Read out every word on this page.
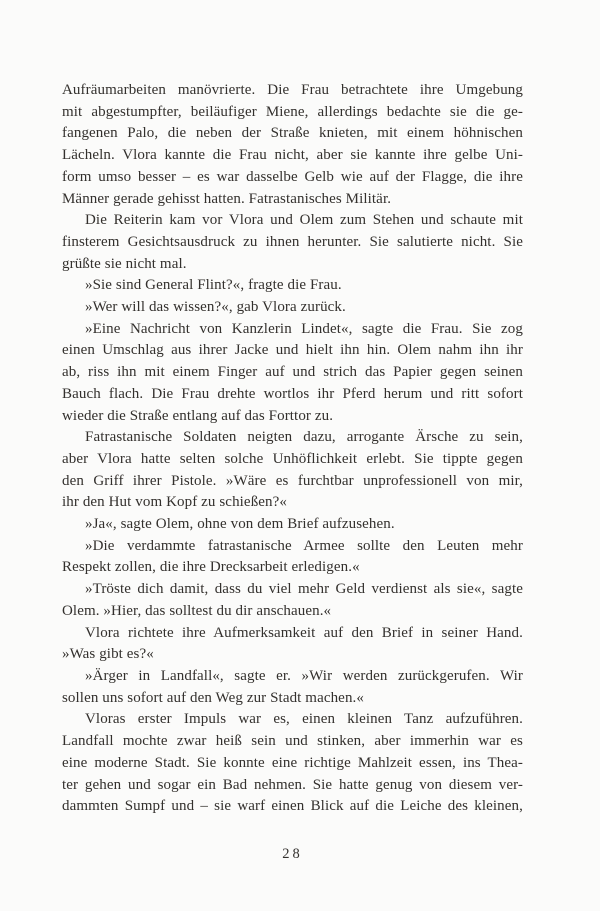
Aufräumarbeiten manövrierte. Die Frau betrachtete ihre Umgebung
mit abgestumpfter, beiläufiger Miene, allerdings bedachte sie die ge-
fangenen Palo, die neben der Straße knieten, mit einem höhnischen
Lächeln. Vlora kannte die Frau nicht, aber sie kannte ihre gelbe Uni-
form umso besser – es war dasselbe Gelb wie auf der Flagge, die ihre
Männer gerade gehisst hatten. Fatrastanisches Militär.
Die Reiterin kam vor Vlora und Olem zum Stehen und schaute mit
finsterem Gesichtsausdruck zu ihnen herunter. Sie salutierte nicht. Sie
grüßte sie nicht mal.
»Sie sind General Flint?«, fragte die Frau.
»Wer will das wissen?«, gab Vlora zurück.
»Eine Nachricht von Kanzlerin Lindet«, sagte die Frau. Sie zog
einen Umschlag aus ihrer Jacke und hielt ihn hin. Olem nahm ihn ihr
ab, riss ihn mit einem Finger auf und strich das Papier gegen seinen
Bauch flach. Die Frau drehte wortlos ihr Pferd herum und ritt sofort
wieder die Straße entlang auf das Forttor zu.
Fatrastanische Soldaten neigten dazu, arrogante Ärsche zu sein,
aber Vlora hatte selten solche Unhöflichkeit erlebt. Sie tippte gegen
den Griff ihrer Pistole. »Wäre es furchtbar unprofessionell von mir,
ihr den Hut vom Kopf zu schießen?«
»Ja«, sagte Olem, ohne von dem Brief aufzusehen.
»Die verdammte fatrastanische Armee sollte den Leuten mehr
Respekt zollen, die ihre Drecksarbeit erledigen.«
»Tröste dich damit, dass du viel mehr Geld verdienst als sie«, sagte
Olem. »Hier, das solltest du dir anschauen.«
Vlora richtete ihre Aufmerksamkeit auf den Brief in seiner Hand.
»Was gibt es?«
»Ärger in Landfall«, sagte er. »Wir werden zurückgerufen. Wir
sollen uns sofort auf den Weg zur Stadt machen.«
Vloras erster Impuls war es, einen kleinen Tanz aufzuführen.
Landfall mochte zwar heiß sein und stinken, aber immerhin war es
eine moderne Stadt. Sie konnte eine richtige Mahlzeit essen, ins Thea-
ter gehen und sogar ein Bad nehmen. Sie hatte genug von diesem ver-
dammten Sumpf und – sie warf einen Blick auf die Leiche des kleinen,
28
